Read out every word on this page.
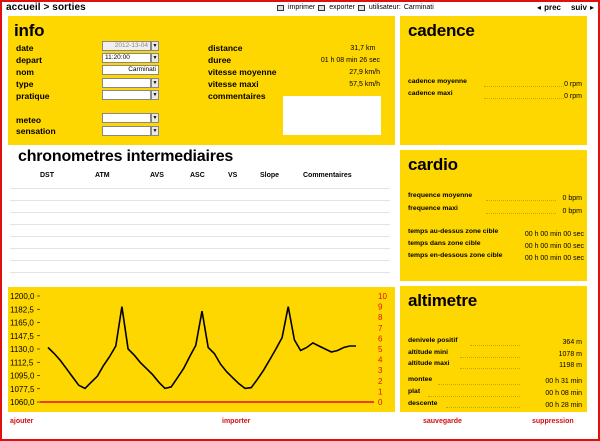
accueil > sorties	imprimer exporter utilisateur: Carminati	◂ prec suiv ▸
info
date	2012-13-04 ▼
depart	11:20:00	▼
nom	Carminati
type	▼
pratique	▼
meteo	▼
sensation	▼
distance	31,7 km
duree	01 h 08 min 26 sec
vitesse moyenne	27,9 km/h
vitesse maxi	57,5 km/h
commentaires
cadence
cadence moyenne	0 rpm
cadence maxi	0 rpm
chronometres intermediaires
DST	ATM	AVS	ASC	VS	Slope	Commentaires
cardio
frequence moyenne	0 bpm
frequence maxi	0 bpm
temps au-dessus zone cible	00 h 00 min 00 sec
temps dans zone cible	00 h 00 min 00 sec
temps en-dessous zone cible	00 h 00 min 00 sec
1200,0
1182,5
1165,0
1147,5
1130,0
1112,5
1095,0
1077,5
1060,0
10
9
8
7
6
5
4
3
2
1
0
altimetre
denivele positif	364 m
altitude mini	1078 m
altitude maxi	1198 m
montee	00 h 31 min
plat	00 h 08 min
descente	00 h 28 min
ajouter	importer	sauvegarde	suppression
